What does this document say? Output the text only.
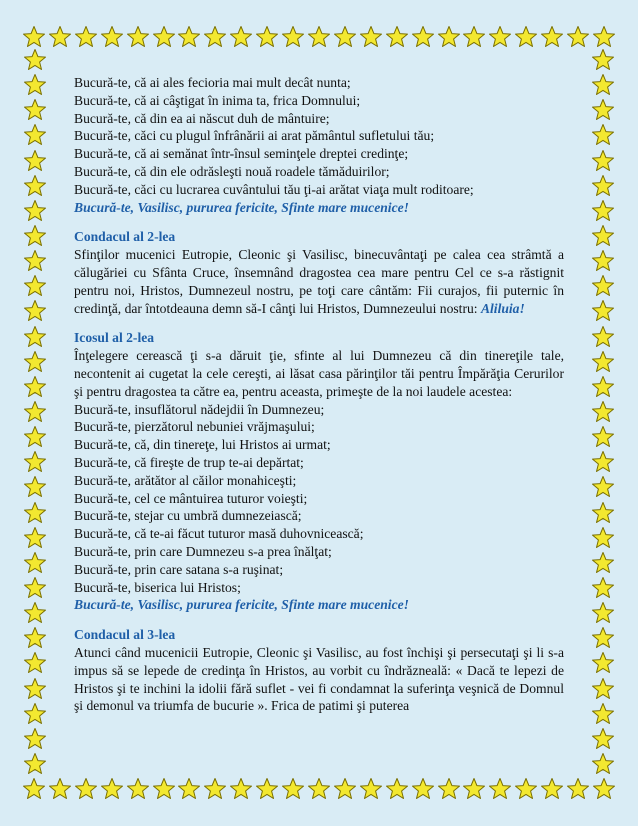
Bucură-te, că ai ales fecioria mai mult decât nunta;
Bucură-te, că ai câştigat în inima ta, frica Domnului;
Bucură-te, că din ea ai născut duh de mântuire;
Bucură-te, căci cu plugul înfrânării ai arat pământul sufletului tău;
Bucură-te, că ai semănat într-însul seminţele dreptei credinţe;
Bucură-te, că din ele odrăsleşti nouă roadele tămăduirilor;
Bucură-te, căci cu lucrarea cuvântului tău ţi-ai arătat viaţa mult roditoare;
Bucură-te, Vasilisc, pururea fericite, Sfinte mare mucenice!
Condacul al 2-lea
Sfinţilor mucenici Eutropie, Cleonic şi Vasilisc, binecuvântaţi pe calea cea strâmtă a călugăriei cu Sfânta Cruce, însemnând dragostea cea mare pentru Cel ce s-a răstignit pentru noi, Hristos, Dumnezeul nostru, pe toţi care cântăm: Fii curajos, fii puternic în credinţă, dar întotdeauna demn să-I cânţi lui Hristos, Dumnezeului nostru: Aliluia!
Icosul al 2-lea
Înţelegere cerească ţi s-a dăruit ţie, sfinte al lui Dumnezeu că din tinereţile tale, necontenit ai cugetat la cele cereşti, ai lăsat casa părinţilor tăi pentru Împărăţia Cerurilor şi pentru dragostea ta către ea, pentru aceasta, primeşte de la noi laudele acestea:
Bucură-te, insuflătorul nădejdii în Dumnezeu;
Bucură-te, pierzătorul nebuniei vrăjmaşului;
Bucură-te, că, din tinereţe, lui Hristos ai urmat;
Bucură-te, că fireşte de trup te-ai depărtat;
Bucură-te, arătător al căilor monahiceşti;
Bucură-te, cel ce mântuirea tuturor voieşti;
Bucură-te, stejar cu umbră dumnezeiască;
Bucură-te, că te-ai făcut tuturor masă duhovnicească;
Bucură-te, prin care Dumnezeu s-a prea înălţat;
Bucură-te, prin care satana s-a ruşinat;
Bucură-te, biserica lui Hristos;
Bucură-te, Vasilisc, pururea fericite, Sfinte mare mucenice!
Condacul al 3-lea
Atunci când mucenicii Eutropie, Cleonic şi Vasilisc, au fost închişi şi persecutaţi şi li s-a impus să se lepede de credinţa în Hristos, au vorbit cu îndrăzneală: « Dacă te lepezi de Hristos şi te inchini la idolii fără suflet - vei fi condamnat la suferinţa veşnică de Domnul şi demonul va triumfa de bucurie ». Frica de patimi şi puterea
